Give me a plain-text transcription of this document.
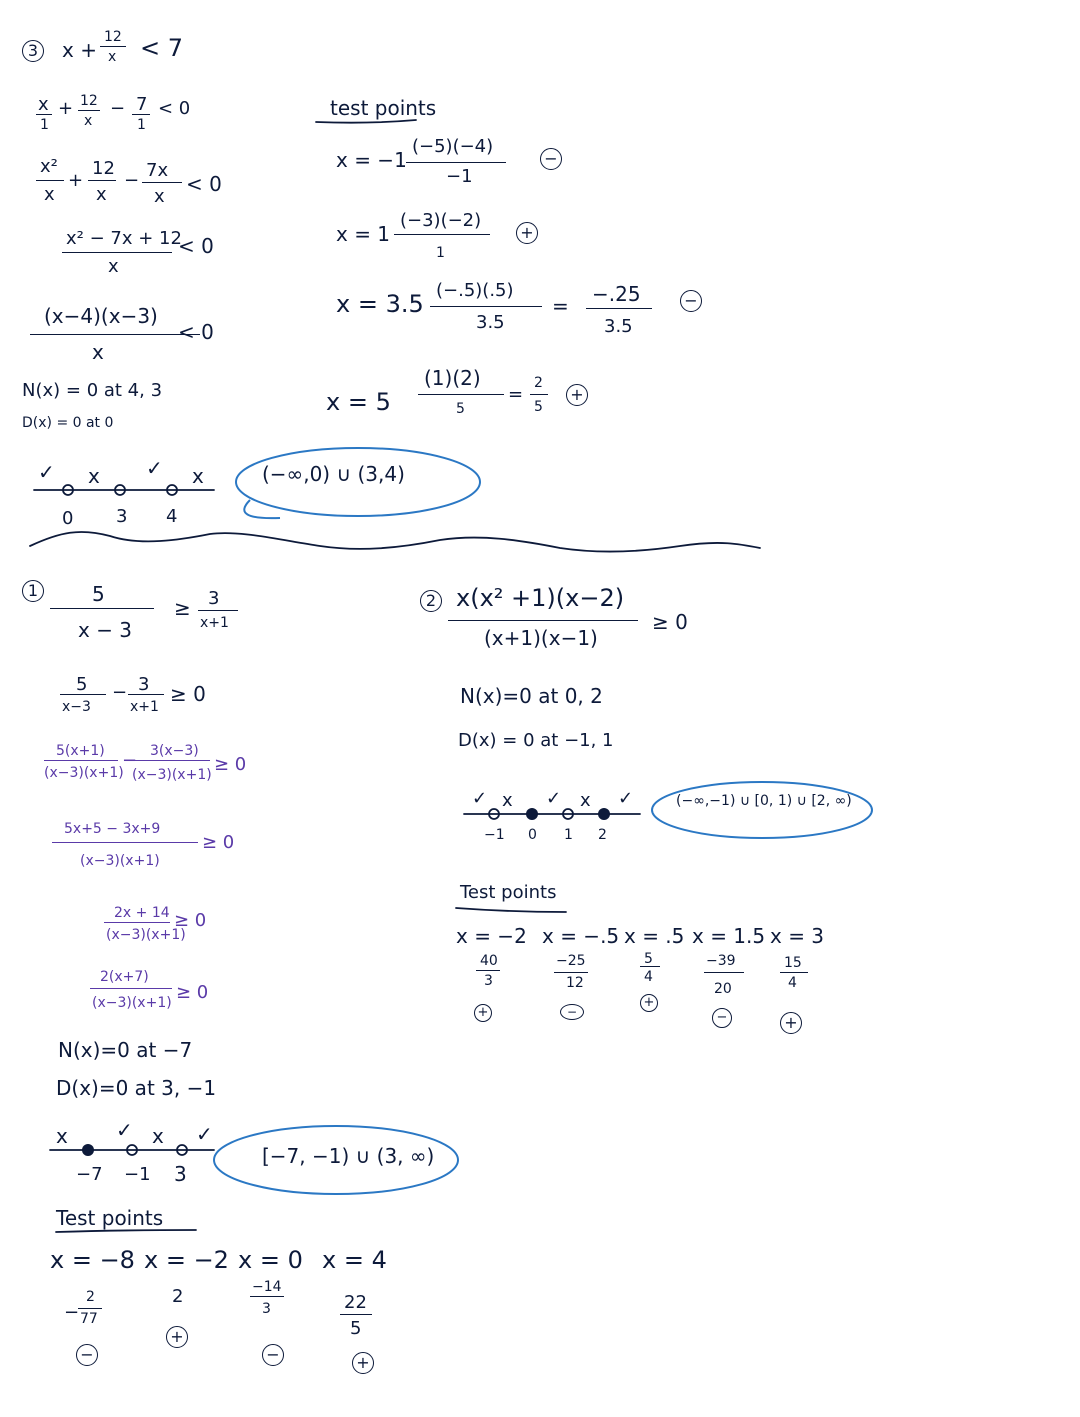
3 x +
12
x < 7
x
1
+ 12
x
− 7
1
< 0
x²
x
+
12
x
− 7x
x
< 0
x² − 7x + 12
x
< 0
(x−4)(x−3)
x
< 0
N(x) = 0 at 4, 3
D(x) = 0 at 0
✓ x ✓ x
0 3 4
(−∞,0) ∪ (3,4)
test points
x = −1
(−5)(−4)
−1
−
x = 1
(−3)(−2)
1
+
x = 3.5 (−.5)(.5)
3.5
= −.25
3.5
−
x = 5
(1)(2)
5
=
2
5
+
1	5
x − 3
≥ 3
x+1
5
x−3
− 3
x+1
≥ 0
5(x+1)
(x−3)(x+1)
− 3(x−3)
(x−3)(x+1) ≥ 0
5x+5 − 3x+9
(x−3)(x+1)
≥ 0
2x + 14
(x−3)(x+1)
≥ 0
2(x+7)
(x−3)(x+1) ≥ 0
N(x)=0 at −7
D(x)=0 at 3, −1
x ✓ x ✓
−7 −1 3
[−7, −1) ∪ (3, ∞)
Test points
x = −8
−
2
77
−
x = −2
2
+
x = 0
−14
3
−
x = 4
22
5
+
2 x(x² +1)(x−2)
(x+1)(x−1)
≥ 0
N(x)=0 at 0, 2
D(x) = 0 at −1, 1
✓ x ✓ x ✓
−1 0 1 2
(−∞,−1) ∪ [0, 1) ∪ [2, ∞)
Test points
x = −2
40
3
+
x = −.5
−25
12
−
x = .5
5
4
+
x = 1.5
−39
20
−
x = 3
15
4
+
